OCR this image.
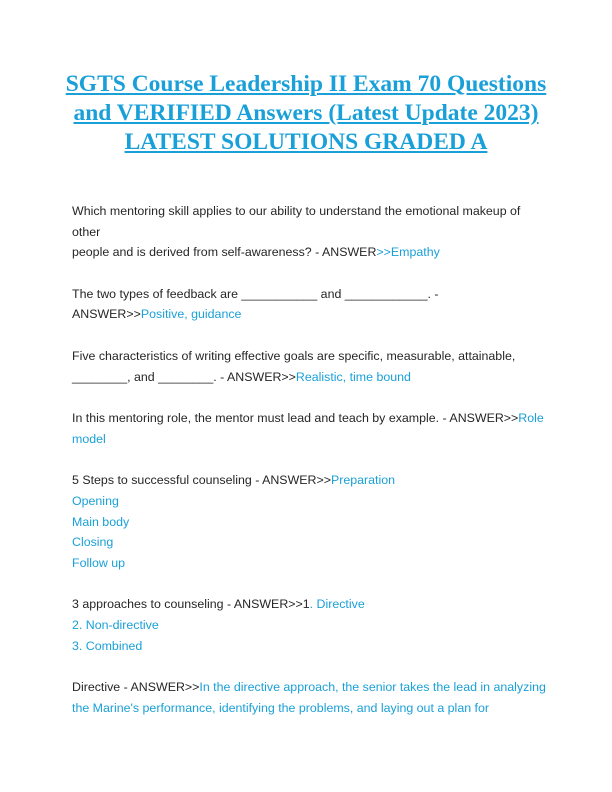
SGTS Course Leadership II Exam 70 Questions and VERIFIED Answers (Latest Update 2023) LATEST SOLUTIONS GRADED A
Which mentoring skill applies to our ability to understand the emotional makeup of other
people and is derived from self-awareness? - ANSWER>>Empathy
The two types of feedback are ___________ and ____________. -
ANSWER>>Positive, guidance
Five characteristics of writing effective goals are specific, measurable, attainable,
________, and ________. - ANSWER>>Realistic, time bound
In this mentoring role, the mentor must lead and teach by example. - ANSWER>>Role
model
5 Steps to successful counseling - ANSWER>>Preparation
Opening
Main body
Closing
Follow up
3 approaches to counseling - ANSWER>>1. Directive
2. Non-directive
3. Combined
Directive - ANSWER>>In the directive approach, the senior takes the lead in analyzing
the Marine's performance, identifying the problems, and laying out a plan for
